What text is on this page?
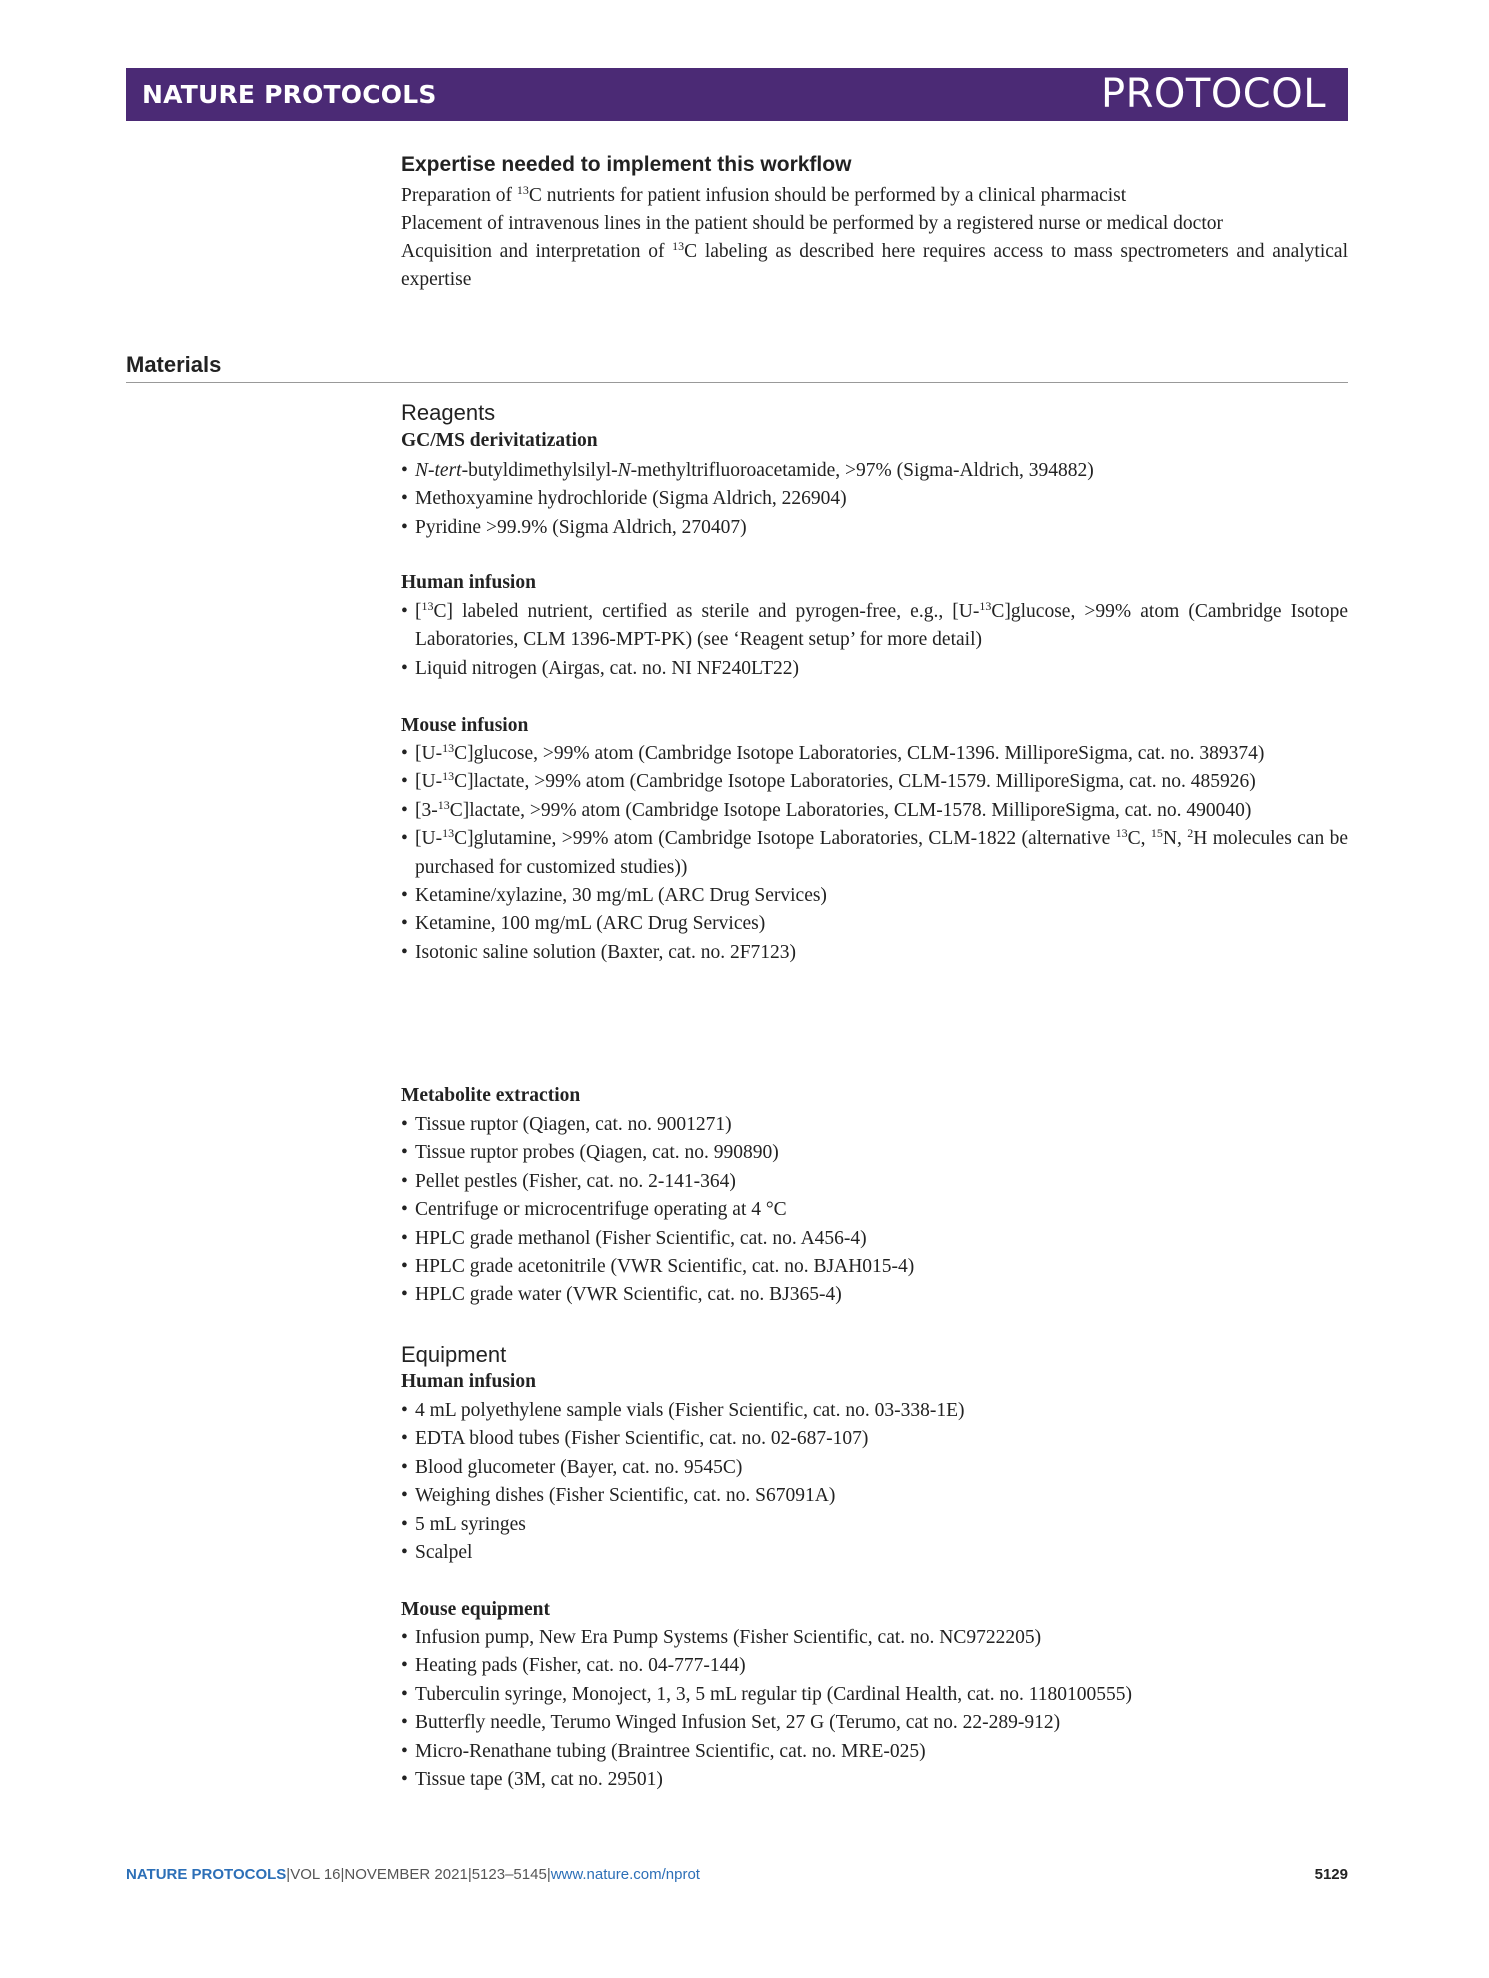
NATURE PROTOCOLS	PROTOCOL
Expertise needed to implement this workflow

Preparation of $^{13}$C nutrients for patient infusion should be performed by a clinical pharmacist

Placement of intravenous lines in the patient should be performed by a registered nurse or medical doctor

Acquisition and interpretation of $^{13}$C labeling as described here requires access to mass spectrometers and analytical expertise

Materials
Reagents
GC/MS derivitatization
• N-tert-butyldimethylsilyl-N-methyltrifluoroacetamide, >97% (Sigma-Aldrich, 394882)
• Methoxyamine hydrochloride (Sigma Aldrich, 226904)
• Pyridine >99.9% (Sigma Aldrich, 270407)
Human infusion
• [$^{13}$C] labeled nutrient, certified as sterile and pyrogen-free, e.g., [U-$^{13}$C]glucose, >99% atom (Cambridge Isotope Laboratories, CLM 1396-MPT-PK) (see ‘Reagent setup’ for more detail)
• Liquid nitrogen (Airgas, cat. no. NI NF240LT22)
Mouse infusion
• [U-$^{13}$C]glucose, >99% atom (Cambridge Isotope Laboratories, CLM-1396. MilliporeSigma, cat. no. 389374)
• [U-$^{13}$C]lactate, >99% atom (Cambridge Isotope Laboratories, CLM-1579. MilliporeSigma, cat. no. 485926)
• [3-$^{13}$C]lactate, >99% atom (Cambridge Isotope Laboratories, CLM-1578. MilliporeSigma, cat. no. 490040)
• [U-$^{13}$C]glutamine, >99% atom (Cambridge Isotope Laboratories, CLM-1822 (alternative $^{13}$C, $^{15}$N, $^2$H molecules can be purchased for customized studies))
• Ketamine/xylazine, 30 mg/mL (ARC Drug Services)
• Ketamine, 100 mg/mL (ARC Drug Services)
• Isotonic saline solution (Baxter, cat. no. 2F7123)
Metabolite extraction
• Tissue ruptor (Qiagen, cat. no. 9001271)
• Tissue ruptor probes (Qiagen, cat. no. 990890)
• Pellet pestles (Fisher, cat. no. 2-141-364)
• Centrifuge or microcentrifuge operating at 4 °C
• HPLC grade methanol (Fisher Scientific, cat. no. A456-4)
• HPLC grade acetonitrile (VWR Scientific, cat. no. BJAH015-4)
• HPLC grade water (VWR Scientific, cat. no. BJ365-4)
Equipment
Human infusion
• 4 mL polyethylene sample vials (Fisher Scientific, cat. no. 03-338-1E)
• EDTA blood tubes (Fisher Scientific, cat. no. 02-687-107)
• Blood glucometer (Bayer, cat. no. 9545C)
• Weighing dishes (Fisher Scientific, cat. no. S67091A)
• 5 mL syringes
• Scalpel
Mouse equipment
• Infusion pump, New Era Pump Systems (Fisher Scientific, cat. no. NC9722205)
• Heating pads (Fisher, cat. no. 04-777-144)
• Tuberculin syringe, Monoject, 1, 3, 5 mL regular tip (Cardinal Health, cat. no. 1180100555)
• Butterfly needle, Terumo Winged Infusion Set, 27 G (Terumo, cat no. 22-289-912)
• Micro-Renathane tubing (Braintree Scientific, cat. no. MRE-025)
• Tissue tape (3M, cat no. 29501)
NATURE PROTOCOLS|VOL 16|NOVEMBER 2021|5123–5145|www.nature.com/nprot	5129
